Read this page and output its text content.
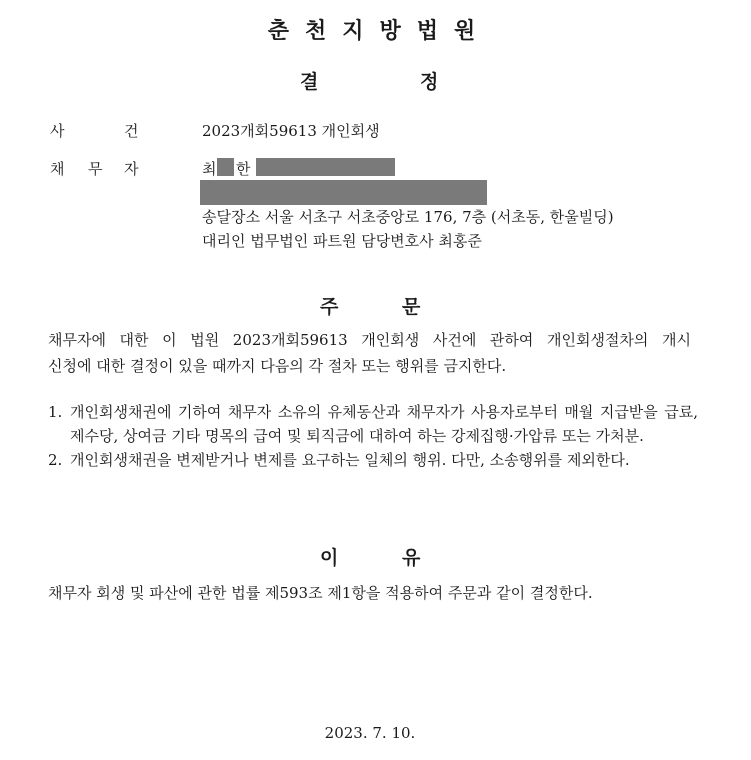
춘천지방법원
결	정
사	건	2023개회59613 개인회생
채 무 자	최 한
송달장소 서울 서초구 서초중앙로 176, 7층 (서초동, 한울빌딩)
대리인 법무법인 파트원 담당변호사 최홍준
주	문
채무자에 대한 이 법원 2023개회59613 개인회생 사건에 관하여 개인회생절차의 개시
신청에 대한 결정이 있을 때까지 다음의 각 절차 또는 행위를 금지한다.
1. 개인회생채권에 기하여 채무자 소유의 유체동산과 채무자가 사용자로부터 매월 지급받을 급료, 제수당, 상여금 기타 명목의 급여 및 퇴직금에 대하여 하는 강제집행·가압류 또는 가처분.
2. 개인회생채권을 변제받거나 변제를 요구하는 일체의 행위. 다만, 소송행위를 제외한다.
이	유
채무자 회생 및 파산에 관한 법률 제593조 제1항을 적용하여 주문과 같이 결정한다.
2023. 7. 10.
